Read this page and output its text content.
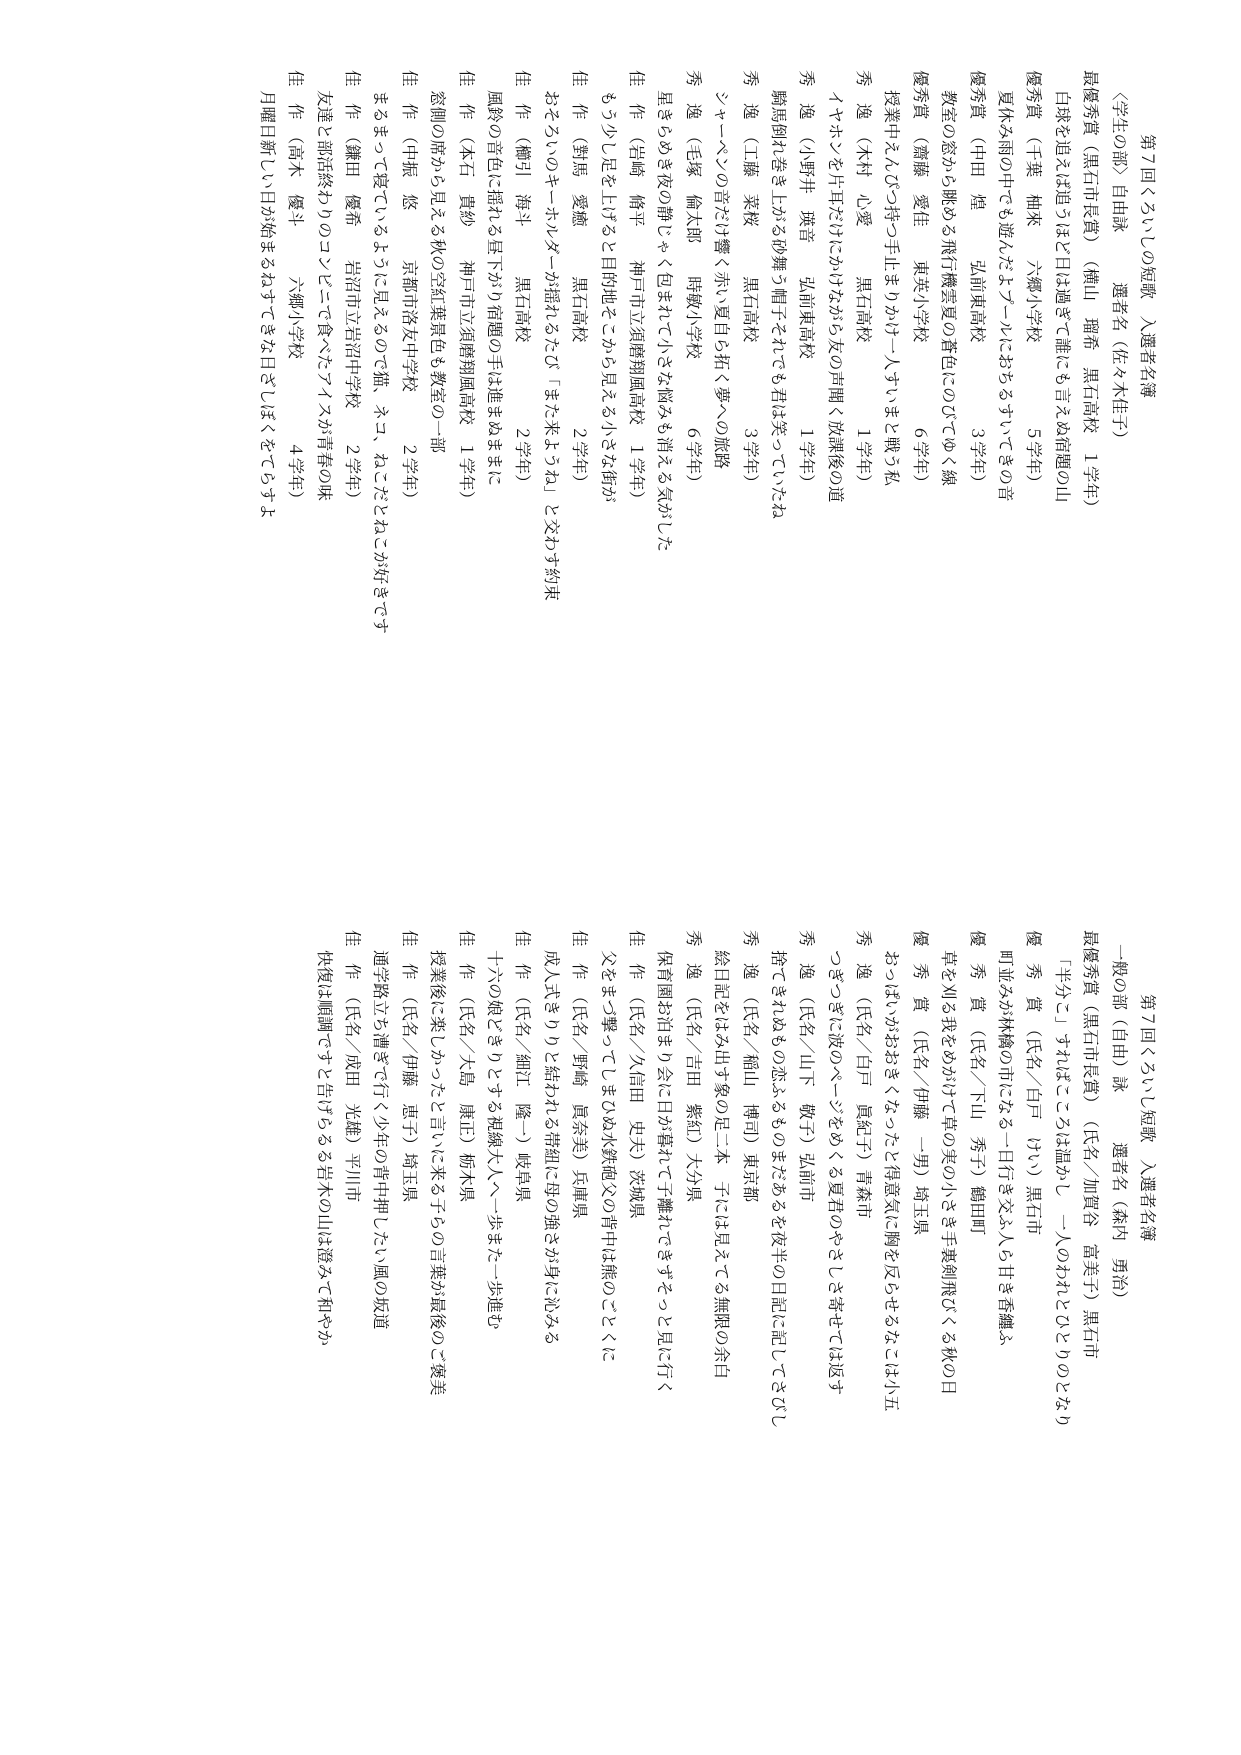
第７回くろいしの短歌　入選者名簿
〈学生の部〉自由詠　　　選者名（佐々木佳子）
最優秀賞（黒石市長賞）　（横山　瑠希　黒石高校　１学年）
白球を追えば追うほど日は過ぎて誰にも言えぬ宿題の山
優秀賞　（千葉　柚來　　六郷小学校　　　　　５学年）
夏休み雨の中でも遊んだよプールにおちるすいてきの音
優秀賞　（中田　煌　　　弘前東高校　　　　　３学年）
教室の窓から眺める飛行機雲夏の蒼色にのびてゆく線
優秀賞　（齋藤　愛佳　　東英小学校　　　　　６学年）
授業中えんぴつ持つ手止まりかけ一人すいまと戦う私
秀　逸　（木村　心愛　　　黒石高校　　　　　１学年）
イヤホンを片耳だけにかけながら友の声聞く放課後の道
秀　逸　（小野井　瑛音　　弘前東高校　　　　１学年）
騎馬倒れ巻き上がる砂舞う帽子それでも君は笑っていたね
秀　逸　（工藤　菜桜　　　黒石高校　　　　　３学年）
シャーペンの音だけ響く赤い夏自ら拓く夢への旅路
秀　逸　（毛塚　倫太郎　　時敏小学校　　　　６学年）
星きらめき夜の静じゃく包まれて小さな悩みも消える気がした
佳　作　（岩崎　脩平　　神戸市立須磨翔風高校　１学年）
もう少し足を上げると目的地そこから見える小さな街が
佳　作　（對馬　愛癒　　　黒石高校　　　　　２学年）
おそろいのキーホルダーが揺れるたび「また来ようね」と交わす約束
佳　作　（櫛引　海斗　　　黒石高校　　　　　２学年）
風鈴の音色に揺れる昼下がり宿題の手は進まぬままに
佳　作　（本石　貴紗　　神戸市立須磨翔風高校　１学年）
窓側の席から見える秋の空紅葉景色も教室の一部
佳　作　（中振　悠　　　京都市洛友中学校　　　２学年）
まるまって寝ているように見えるので猫、ネコ、ねこだとねこが好きです
佳　作　（鎌田　優希　　岩沼市立岩沼中学校　　２学年）
友達と部活終わりのコンビニで食べたアイスが青春の味
佳　作　（高木　優斗　　　六郷小学校　　　　　４学年）
月曜日新しい日が始まるねすてきな日ざしぼくをてらすよ
第７回くろいし短歌　入選者名簿
一般の部（自由）詠　　　選者名（森内　勇治）
最優秀賞（黒石市長賞）　（氏名／加賀谷　富美子）黒石市
「半分こ」すればこころは温かし　一人のわれとひとりのとなり
優　秀　賞　（氏名／白戸　けい）黒石市
町並みが林檎の市になる一日行き交ふ人ら甘き香纏ふ
優　秀　賞　（氏名／下山　秀子）鶴田町
草を刈る我をめがけて草の実の小さき手裏剣飛びくる秋の日
優　秀　賞　（氏名／伊藤　一男）埼玉県
おっぱいがおおきくなったと得意気に胸を反らせるなこは小五
秀　逸　（氏名／白戸　眞紀子）青森市
つぎつぎに波のページをめくる夏君のやさしさ寄せては返す
秀　逸　（氏名／山下　敬子）弘前市
捨てきれぬもの恋ふるものまだあるを夜半の日記に記してさびし
秀　逸　（氏名／稲山　博司）東京都
絵日記をはみ出す象の足二本　子には見えてる無限の余白
秀　逸　（氏名／吉田　紫紅）大分県
保育園お泊まり会に日が暮れて子離れできずそっと見に行く
佳　作　（氏名／久信田　史夫）茨城県
父をまづ撃ってしまひぬ水鉄砲父の背中は熊のごとくに
佳　作　（氏名／野崎　眞奈美）兵庫県
成人式きりりと結われる帯紐に母の強さが身に沁みる
佳　作　（氏名／細江　隆一）岐阜県
十六の娘どきりとする視線大人へ一歩また一歩進む
佳　作　（氏名／大島　康正）栃木県
授業後に楽しかったと言いに来る子らの言葉が最後のご褒美
佳　作　（氏名／伊藤　恵子）埼玉県
通学路立ち漕ぎで行く少年の背中押したい風の坂道
佳　作　（氏名／成田　光雄）平川市
快復は順調ですと告げらるる岩木の山は澄みて和やか
